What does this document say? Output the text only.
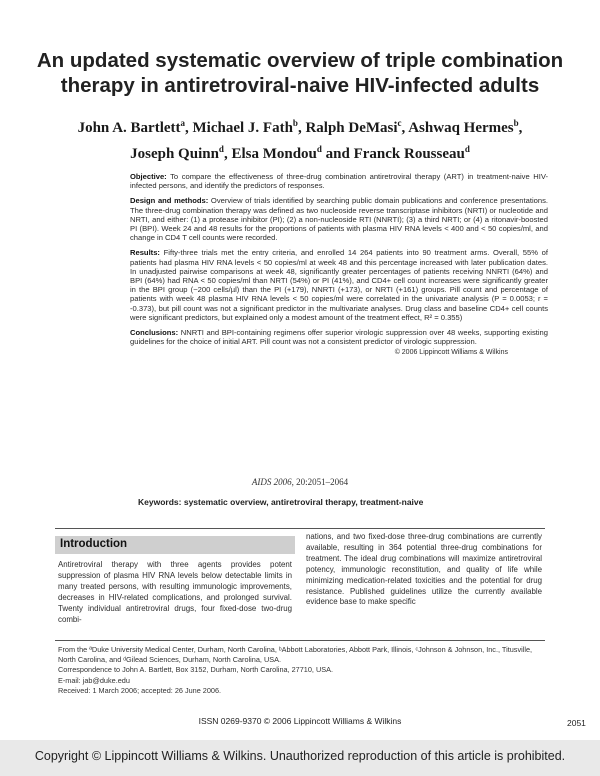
An updated systematic overview of triple combination
therapy in antiretroviral-naive HIV-infected adults
John A. Bartlett$^a$, Michael J. Fath$^b$, Ralph DeMasi$^c$, Ashwaq Hermes$^b$,
Joseph Quinn$^d$, Elsa Mondou$^d$ and Franck Rousseau$^d$

Objective: To compare the effectiveness of three-drug combination antiretroviral therapy (ART) in treatment-naive HIV-infected persons, and identify the predictors of responses.

Design and methods: Overview of trials identified by searching public domain publications and conference presentations. The three-drug combination therapy was defined as two nucleoside reverse transcriptase inhibitors (NRTI) or nucleotide and NRTI, and either: (1) a protease inhibitor (PI); (2) a non-nucleoside RTI (NNRTI); (3) a third NRTI; or (4) a ritonavir-boosted PI (BPI). Week 24 and 48 results for the proportions of patients with plasma HIV RNA levels < 400 and < 50 copies/ml, and change in CD4 T cell counts were recorded.

Results: Fifty-three trials met the entry criteria, and enrolled 14 264 patients into 90 treatment arms. Overall, 55% of patients had plasma HIV RNA levels < 50 copies/ml at week 48 and this percentage increased with later publication dates. In unadjusted pairwise comparisons at week 48, significantly greater percentages of patients receiving NNRTI (64%) and BPI (64%) had RNA < 50 copies/ml than NRTI (54%) or PI (41%), and CD4+ cell count increases were significantly greater in the BPI group (~200 cells/µl) than the PI (+179), NNRTI (+173), or NRTI (+161) groups. Pill count and percentage of patients with week 48 plasma HIV RNA levels < 50 copies/ml were correlated in the univariate analysis (P = 0.0053; r = -0.373), but pill count was not a significant predictor in the multivariate analyses. Drug class and baseline CD4+ cell counts were significant predictors, but explained only a modest amount of the treatment effect, R² = 0.355)

Conclusions: NNRTI and BPI-containing regimens offer superior virologic suppression over 48 weeks, supporting existing guidelines for the choice of initial ART. Pill count was not a consistent predictor of virologic suppression.

© 2006 Lippincott Williams & Wilkins
AIDS 2006, 20:2051–2064
Keywords: systematic overview, antiretroviral therapy, treatment-naive
Introduction
Antiretroviral therapy with three agents provides potent suppression of plasma HIV RNA levels below detectable limits in many treated persons, with resulting immunologic improvements, decreases in HIV-related complications, and prolonged survival. Twenty individual antiretroviral drugs, four fixed-dose two-drug combi-
nations, and two fixed-dose three-drug combinations are currently available, resulting in 364 potential three-drug combinations for treatment. The ideal drug combinations will maximize antiretroviral potency, immunologic reconstitution, and quality of life while minimizing medication-related toxicities and the potential for drug resistance. Published guidelines utilize the currently available evidence base to make specific
From the ªDuke University Medical Center, Durham, North Carolina, ᵇAbbott Laboratories, Abbott Park, Illinois, ᶜJohnson & Johnson, Inc., Titusville, North Carolina, and ᵈGilead Sciences, Durham, North Carolina, USA.
Correspondence to John A. Bartlett, Box 3152, Durham, North Carolina, 27710, USA.
E-mail: jab@duke.edu
Received: 1 March 2006; accepted: 26 June 2006.
ISSN 0269-9370 © 2006 Lippincott Williams & Wilkins	2051
Copyright © Lippincott Williams & Wilkins. Unauthorized reproduction of this article is prohibited.
